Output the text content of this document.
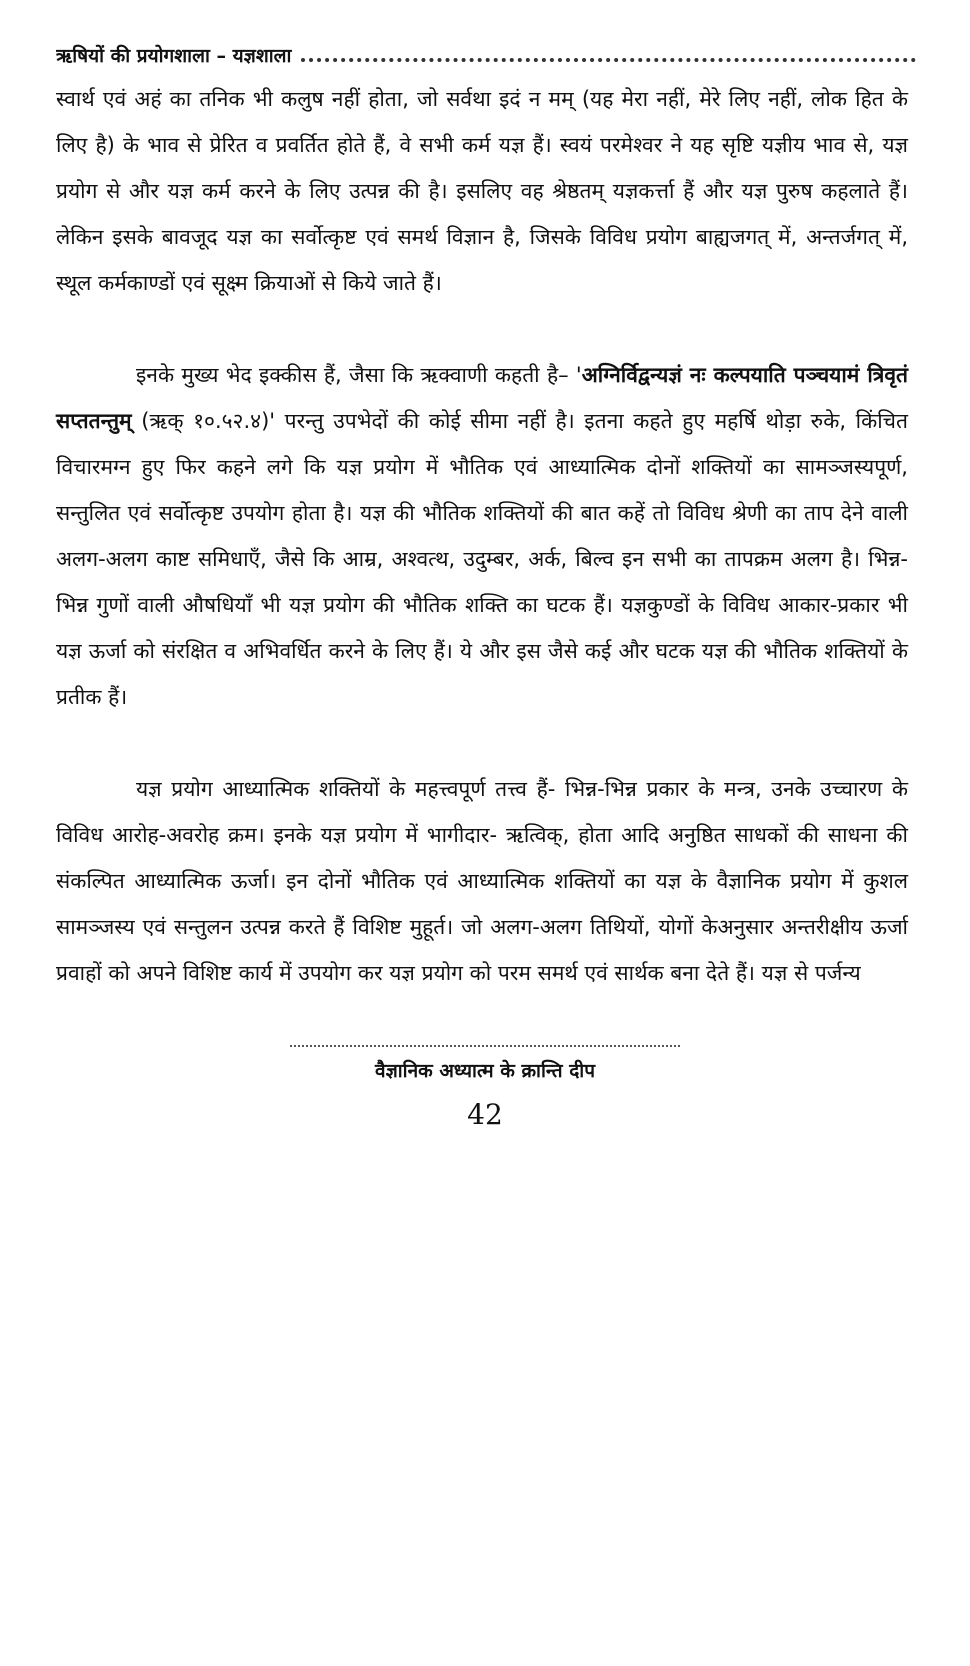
ऋषियों की प्रयोगशाला – यज्ञशाला

स्वार्थ एवं अहं का तनिक भी कलुष नहीं होता, जो सर्वथा इदं न मम् (यह मेरा नहीं, मेरे लिए नहीं, लोक हित के लिए है) के भाव से प्रेरित व प्रवर्तित होते हैं, वे सभी कर्म यज्ञ हैं। स्वयं परमेश्वर ने यह सृष्टि यज्ञीय भाव से, यज्ञ प्रयोग से और यज्ञ कर्म करने के लिए उत्पन्न की है। इसलिए वह श्रेष्ठतम् यज्ञकर्त्ता हैं और यज्ञ पुरुष कहलाते हैं। लेकिन इसके बावजूद यज्ञ का सर्वोत्कृष्ट एवं समर्थ विज्ञान है, जिसके विविध प्रयोग बाह्यजगत् में, अन्तर्जगत् में, स्थूल कर्मकाण्डों एवं सूक्ष्म क्रियाओं से किये जाते हैं।

इनके मुख्य भेद इक्कीस हैं, जैसा कि ऋक्वाणी कहती है– 'अग्निर्विद्वन्यज्ञं नः कल्पयाति पञ्चयामं त्रिवृतं सप्ततन्तुम् (ऋक् १०.५२.४)' परन्तु उपभेदों की कोई सीमा नहीं है। इतना कहते हुए महर्षि थोड़ा रुके, किंचित विचारमग्न हुए फिर कहने लगे कि यज्ञ प्रयोग में भौतिक एवं आध्यात्मिक दोनों शक्तियों का सामञ्जस्यपूर्ण, सन्तुलित एवं सर्वोत्कृष्ट उपयोग होता है। यज्ञ की भौतिक शक्तियों की बात कहें तो विविध श्रेणी का ताप देने वाली अलग-अलग काष्ट समिधाएँ, जैसे कि आम्र, अश्वत्थ, उदुम्बर, अर्क, बिल्व इन सभी का तापक्रम अलग है। भिन्न-भिन्न गुणों वाली औषधियाँ भी यज्ञ प्रयोग की भौतिक शक्ति का घटक हैं। यज्ञकुण्डों के विविध आकार-प्रकार भी यज्ञ ऊर्जा को संरक्षित व अभिवर्धित करने के लिए हैं। ये और इस जैसे कई और घटक यज्ञ की भौतिक शक्तियों के प्रतीक हैं।

यज्ञ प्रयोग आध्यात्मिक शक्तियों के महत्त्वपूर्ण तत्त्व हैं- भिन्न-भिन्न प्रकार के मन्त्र, उनके उच्चारण के विविध आरोह-अवरोह क्रम। इनके यज्ञ प्रयोग में भागीदार- ऋत्विक्, होता आदि अनुष्ठित साधकों की साधना की संकल्पित आध्यात्मिक ऊर्जा। इन दोनों भौतिक एवं आध्यात्मिक शक्तियों का यज्ञ के वैज्ञानिक प्रयोग में कुशल सामञ्जस्य एवं सन्तुलन उत्पन्न करते हैं विशिष्ट मुहूर्त। जो अलग-अलग तिथियों, योगों केअनुसार अन्तरीक्षीय ऊर्जा प्रवाहों को अपने विशिष्ट कार्य में उपयोग कर यज्ञ प्रयोग को परम समर्थ एवं सार्थक बना देते हैं। यज्ञ से पर्जन्य

वैज्ञानिक अध्यात्म के क्रान्ति दीप
42
